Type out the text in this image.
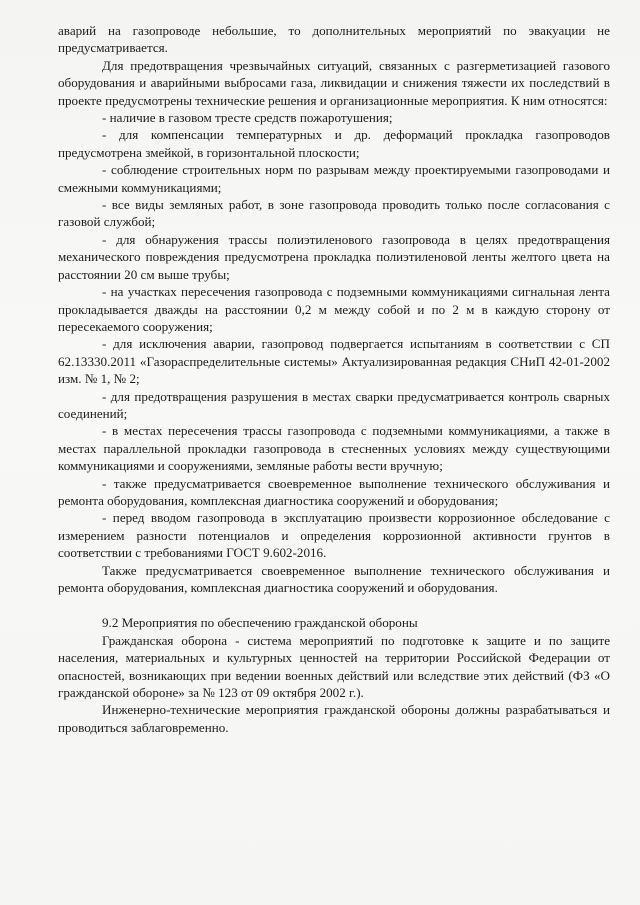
аварий на газопроводе небольшие, то дополнительных мероприятий по эвакуации не предусматривается.

Для предотвращения чрезвычайных ситуаций, связанных с разгерметизацией газового оборудования и аварийными выбросами газа, ликвидации и снижения тяжести их последствий в проекте предусмотрены технические решения и организационные мероприятия. К ним относятся:

- наличие в газовом тресте средств пожаротушения;

- для компенсации температурных и др. деформаций прокладка газопроводов предусмотрена змейкой, в горизонтальной плоскости;

- соблюдение строительных норм по разрывам между проектируемыми газопроводами и смежными коммуникациями;

- все виды земляных работ, в зоне газопровода проводить только после согласования с газовой службой;

- для обнаружения трассы полиэтиленового газопровода в целях предотвращения механического повреждения предусмотрена прокладка полиэтиленовой ленты желтого цвета на расстоянии 20 см выше трубы;

- на участках пересечения газопровода с подземными коммуникациями сигнальная лента прокладывается дважды на расстоянии 0,2 м между собой и по 2 м в каждую сторону от пересекаемого сооружения;

- для исключения аварии, газопровод подвергается испытаниям в соответствии с СП 62.13330.2011 «Газораспределительные системы» Актуализированная редакция СНиП 42-01-2002 изм. № 1, № 2;

- для предотвращения разрушения в местах сварки предусматривается контроль сварных соединений;

- в местах пересечения трассы газопровода с подземными коммуникациями, а также в местах параллельной прокладки газопровода в стесненных условиях между существующими коммуникациями и сооружениями, земляные работы вести вручную;

- также предусматривается своевременное выполнение технического обслуживания и ремонта оборудования, комплексная диагностика сооружений и оборудования;

- перед вводом газопровода в эксплуатацию произвести коррозионное обследование с измерением разности потенциалов и определения коррозионной активности грунтов в соответствии с требованиями ГОСТ 9.602-2016.

Также предусматривается своевременное выполнение технического обслуживания и ремонта оборудования, комплексная диагностика сооружений и оборудования.

9.2 Мероприятия по обеспечению гражданской обороны

Гражданская оборона - система мероприятий по подготовке к защите и по защите населения, материальных и культурных ценностей на территории Российской Федерации от опасностей, возникающих при ведении военных действий или вследствие этих действий (ФЗ «О гражданской обороне» за № 123 от 09 октября 2002 г.).

Инженерно-технические мероприятия гражданской обороны должны разрабатываться и проводиться заблаговременно.
